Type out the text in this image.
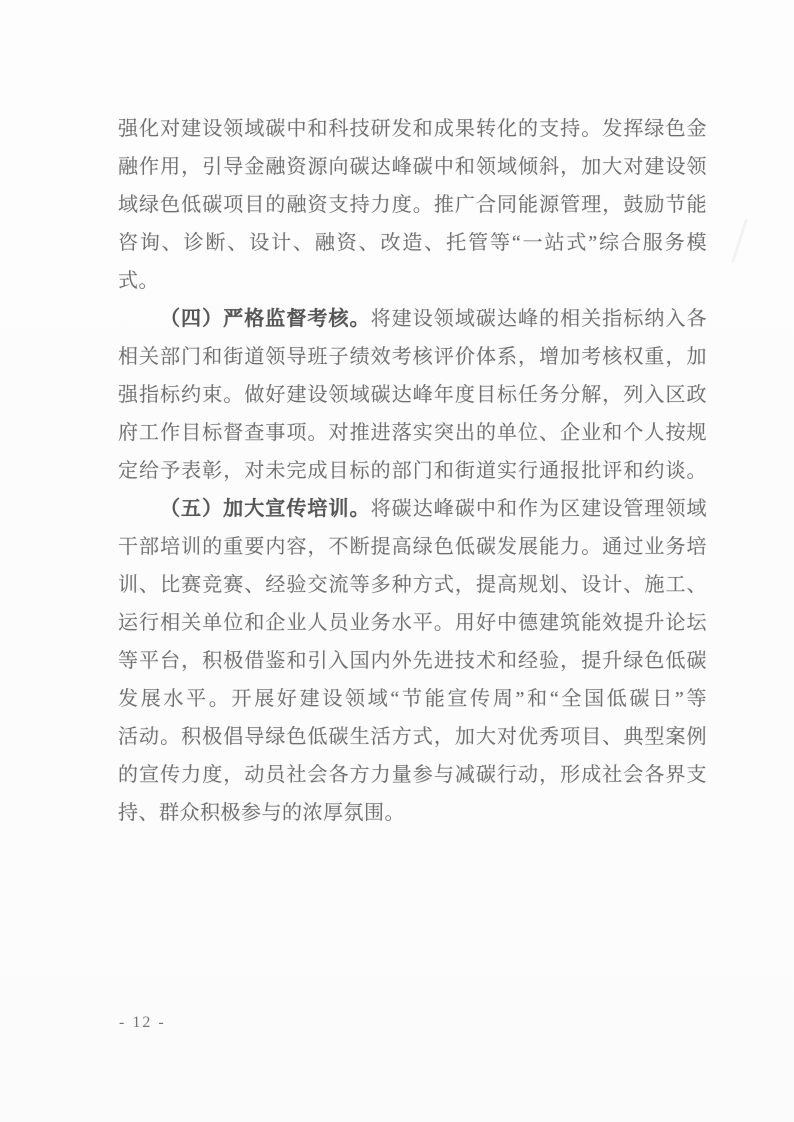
强化对建设领域碳中和科技研发和成果转化的支持。发挥绿色金
融作用，引导金融资源向碳达峰碳中和领域倾斜，加大对建设领
域绿色低碳项目的融资支持力度。推广合同能源管理，鼓励节能
咨询、诊断、设计、融资、改造、托管等“一站式”综合服务模
式。
（四）严格监督考核。将建设领域碳达峰的相关指标纳入各
相关部门和街道领导班子绩效考核评价体系，增加考核权重，加
强指标约束。做好建设领域碳达峰年度目标任务分解，列入区政
府工作目标督查事项。对推进落实突出的单位、企业和个人按规
定给予表彰，对未完成目标的部门和街道实行通报批评和约谈。
（五）加大宣传培训。将碳达峰碳中和作为区建设管理领域
干部培训的重要内容，不断提高绿色低碳发展能力。通过业务培
训、比赛竞赛、经验交流等多种方式，提高规划、设计、施工、
运行相关单位和企业人员业务水平。用好中德建筑能效提升论坛
等平台，积极借鉴和引入国内外先进技术和经验，提升绿色低碳
发展水平。开展好建设领域“节能宣传周”和“全国低碳日”等
活动。积极倡导绿色低碳生活方式，加大对优秀项目、典型案例
的宣传力度，动员社会各方力量参与减碳行动，形成社会各界支
持、群众积极参与的浓厚氛围。
- 12 -
